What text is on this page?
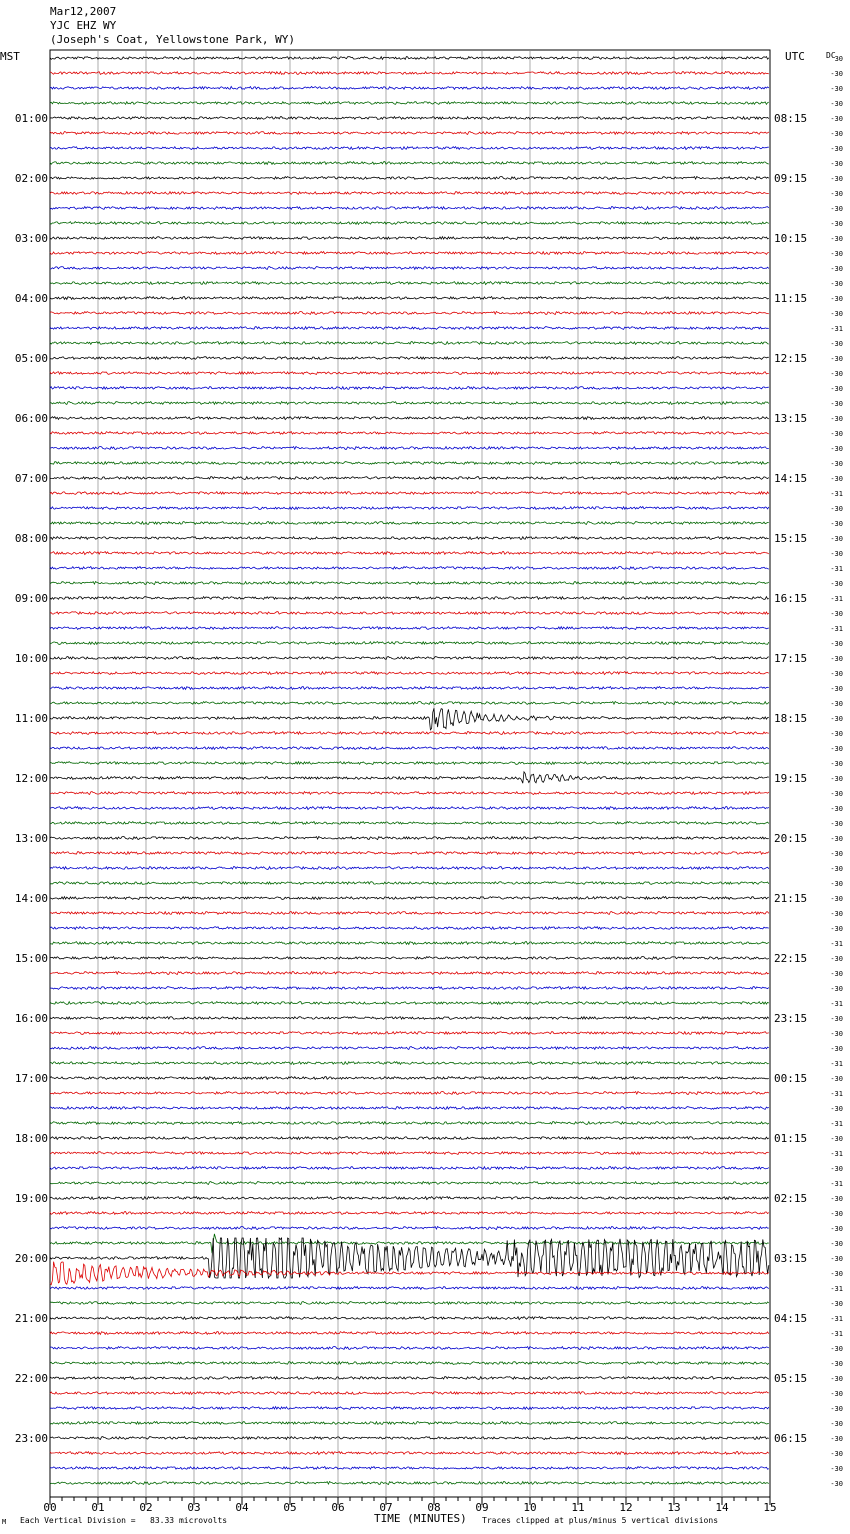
Mar12,2007
YJC EHZ WY
(Joseph's Coat, Yellowstone Park, WY)
MST	UTC	DC
30
-30
-30
-30
-30
-30
-30
-30
-30
-30
-30
-30
-30
-30
-30
-30
-30
-30
-31
-30
-30
-30
-30
-30
-30
-30
-30
-30
-30
-31
-30
-30
-30
-30
-31
-30
-31
-30
-31
-30
-30
-30
-30
-30
-30
-30
-30
-30
-30
-30
-30
-30
-30
-30
-30
-30
-30
-30
-30
-31
-30
-30
-30
-31
-30
-30
-30
-31
-30
-31
-30
-31
-30
-31
-30
-31
-30
-30
-30
-30
-30
-30
-31
-30
-31
-31
-30
-30
-30
-30
-30
-30
-30
-30
-30
-30
01:00
02:00
03:00
04:00
05:00
06:00
07:00
08:00
09:00
10:00
11:00
12:00
13:00
14:00
15:00
16:00
17:00
18:00
19:00
20:00
21:00
22:00
23:00
08:15
09:15
10:15
11:15
12:15
13:15
14:15
15:15
16:15
17:15
18:15
19:15
20:15
21:15
22:15
23:15
00:15
01:15
02:15
03:15
04:15
05:15
06:15
00	01	02	03	04	05	06	07	08	09	10	11	12	13	14	15
Each Vertical Division =   83.33 microvolts	TIME (MINUTES) Traces clipped at plus/minus 5 vertical divisions
M
